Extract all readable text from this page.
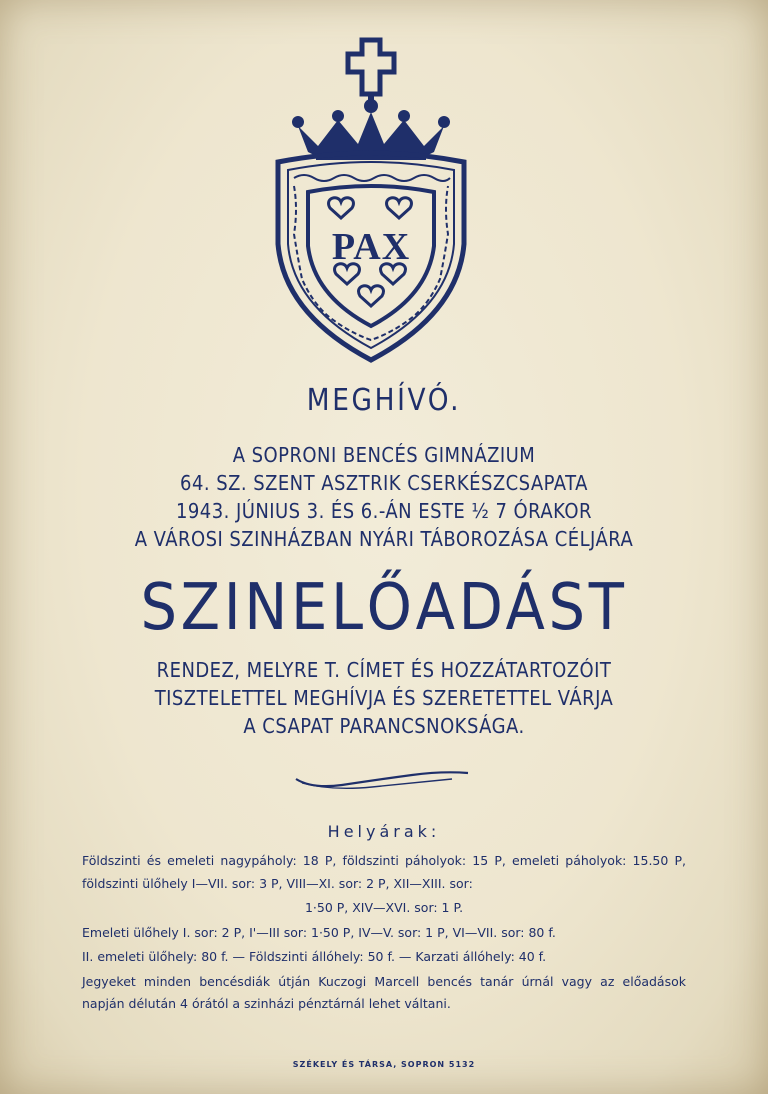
PAX
MEGHÍVÓ.
A SOPRONI BENCÉS GIMNÁZIUM
64. SZ. SZENT ASZTRIK CSERKÉSZCSAPATA
1943. JÚNIUS 3. ÉS 6.-ÁN ESTE ½ 7 ÓRAKOR
A VÁROSI SZINHÁZBAN NYÁRI TÁBOROZÁSA CÉLJÁRA
SZINELŐADÁST
RENDEZ, MELYRE T. CÍMET ÉS HOZZÁTARTOZÓIT
TISZTELETTEL MEGHÍVJA ÉS SZERETETTEL VÁRJA
A CSAPAT PARANCSNOKSÁGA.
Helyárak:

Földszinti és emeleti nagypáholy: 18 P, földszinti páholyok: 15 P, emeleti páholyok: 15.50 P, földszinti ülőhely I—VII. sor: 3 P, VIII—XI. sor: 2 P, XII—XIII. sor:

1·50 P, XIV—XVI. sor: 1 P.

Emeleti ülőhely I. sor: 2 P, I'—III sor: 1·50 P, IV—V. sor: 1 P, VI—VII. sor: 80 f.

II. emeleti ülőhely: 80 f. — Földszinti állóhely: 50 f. — Karzati állóhely: 40 f.

Jegyeket minden bencésdiák útján Kuczogi Marcell bencés tanár úrnál vagy az előadások napján délután 4 órától a szinházi pénztárnál lehet váltani.

SZÉKELY ÉS TÁRSA, SOPRON 5132
